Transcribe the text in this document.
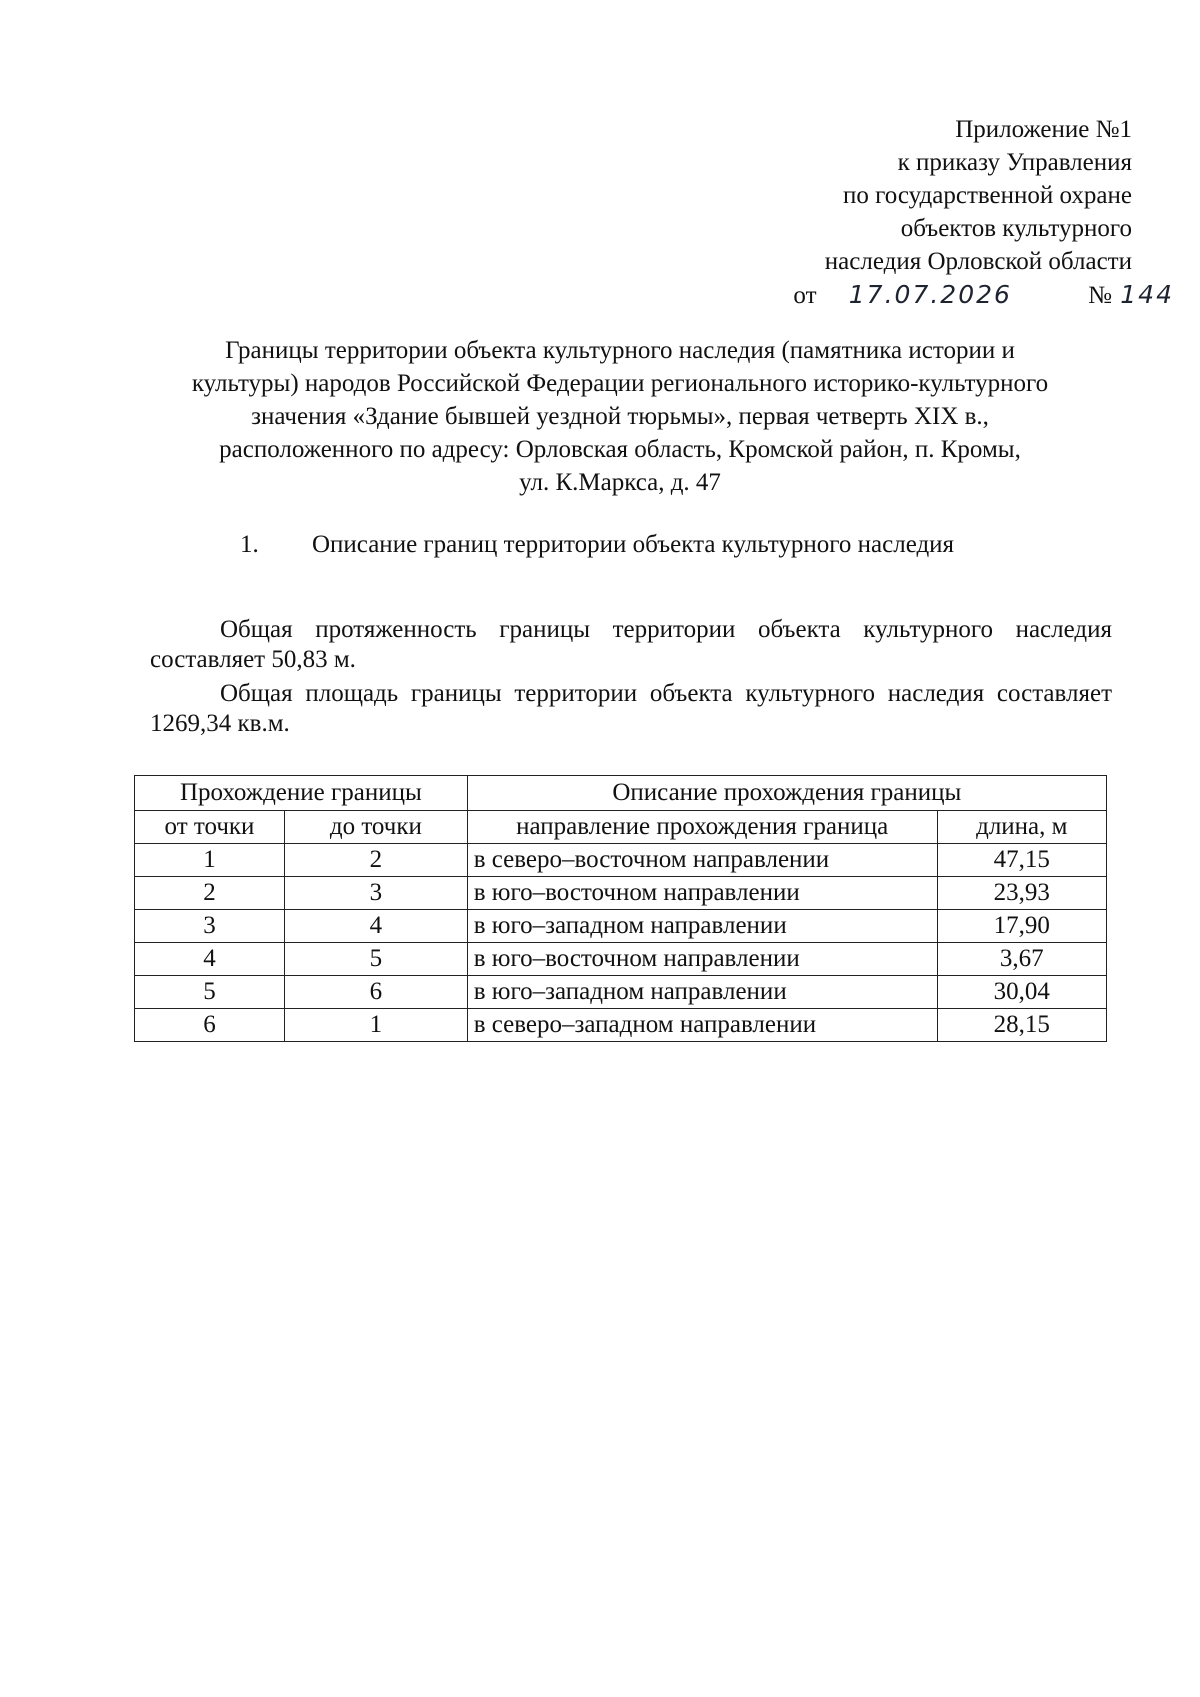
Приложение №1
к приказу Управления
по государственной охране
объектов культурного
наследия Орловской области
от 17.07.2026	№ 144
Границы территории объекта культурного наследия (памятника истории и
культуры) народов Российской Федерации регионального историко-культурного
значения «Здание бывшей уездной тюрьмы», первая четверть XIX в.,
расположенного по адресу: Орловская область, Кромской район, п. Кромы,
ул. К.Маркса, д. 47
1. Описание границ территории объекта культурного наследия

Общая протяженность границы территории объекта культурного наследия составляет 50,83 м.

Общая площадь границы территории объекта культурного наследия составляет 1269,34 кв.м.

Прохождение границы		Описание прохождения границы	
от точки	до точки	направление прохождения граница	длина, м
1	2	в северо–восточном направлении	47,15
2	3	в юго–восточном направлении	23,93
3	4	в юго–западном направлении	17,90
4	5	в юго–восточном направлении	3,67
5	6	в юго–западном направлении	30,04
6	1	в северо–западном направлении	28,15
